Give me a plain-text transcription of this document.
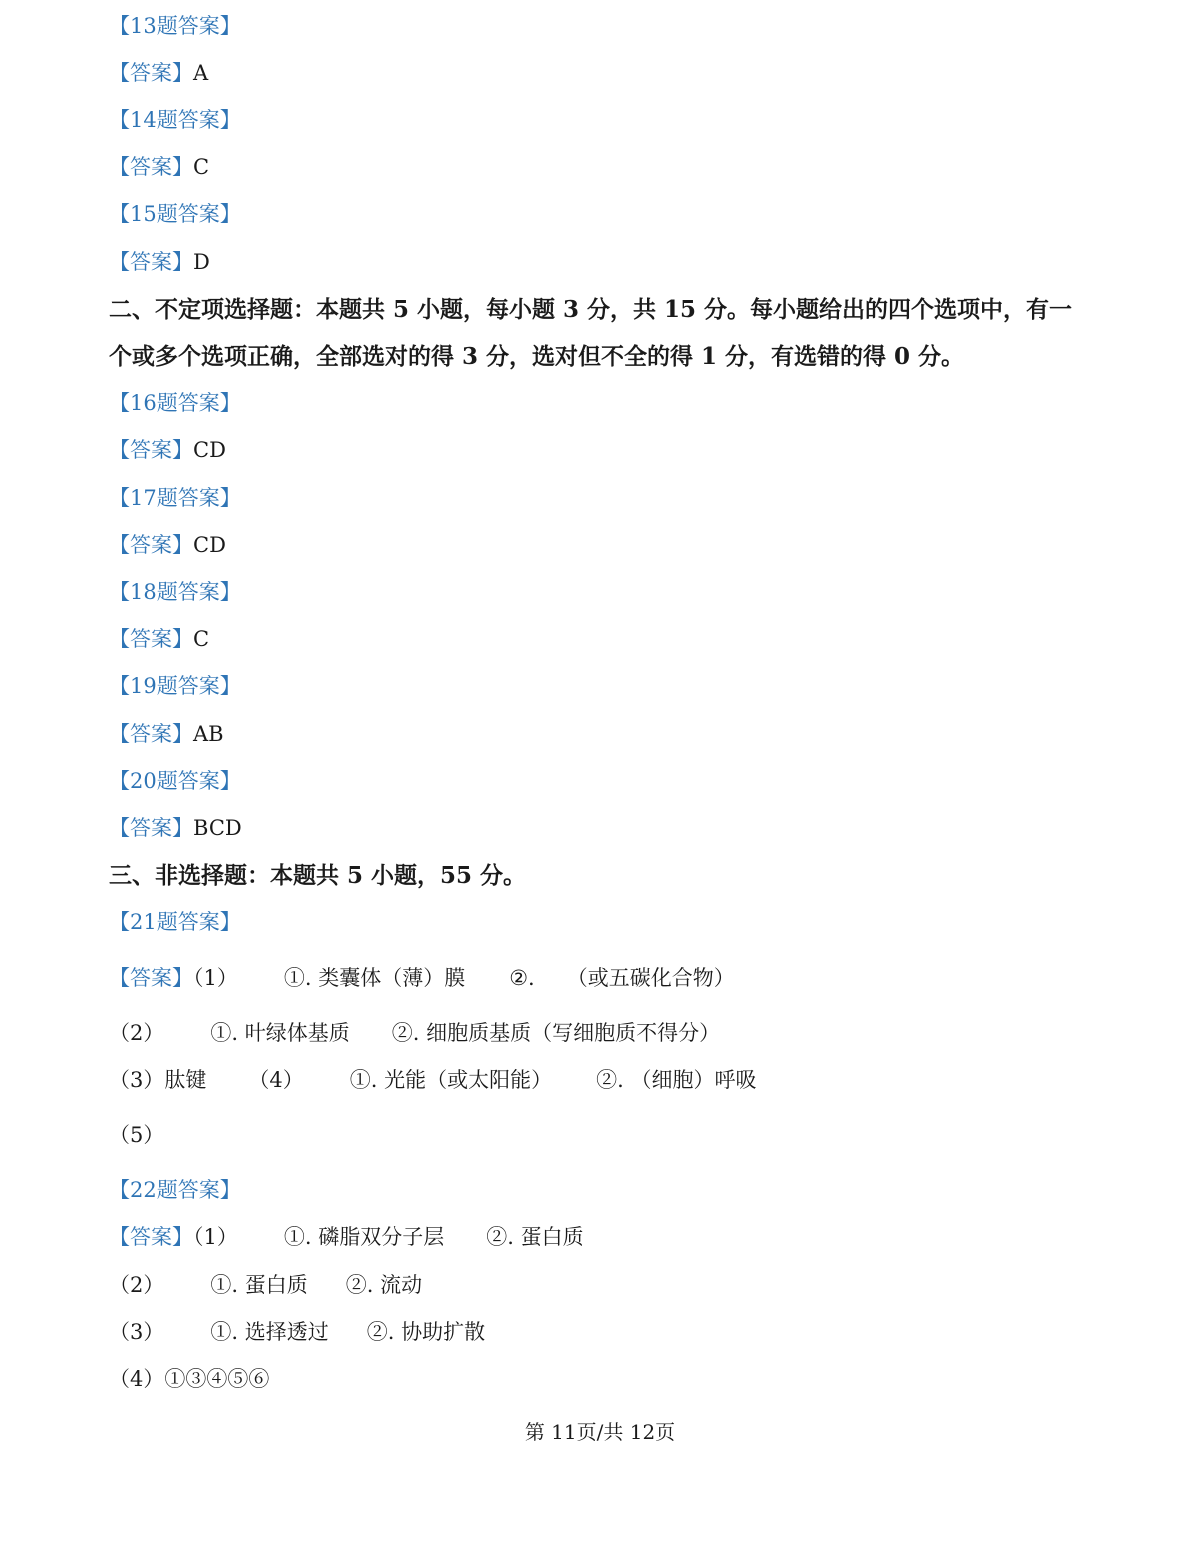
【13题答案】
【答案】A
【14题答案】
【答案】C
【15题答案】
【答案】D
二、不定项选择题：本题共 5 小题，每小题 3 分，共 15 分。每小题给出的四个选项中，有一
个或多个选项正确，全部选对的得 3 分，选对但不全的得 1 分，有选错的得 0 分。
【16题答案】
【答案】CD
【17题答案】
【答案】CD
【18题答案】
【答案】C
【19题答案】
【答案】AB
【20题答案】
【答案】BCD
三、非选择题：本题共 5 小题，55 分。
【21题答案】
【答案】（1） ①. 类囊体（薄）膜 ②. （或五碳化合物）
（2） ①. 叶绿体基质 ②. 细胞质基质（写细胞质不得分）
（3）肽键 （4） ①. 光能（或太阳能） ②. （细胞）呼吸
（5）
【22题答案】
【答案】（1） ①. 磷脂双分子层 ②. 蛋白质
（2） ①. 蛋白质 ②. 流动
（3） ①. 选择透过 ②. 协助扩散
（4）①③④⑤⑥
第 11页/共 12页
